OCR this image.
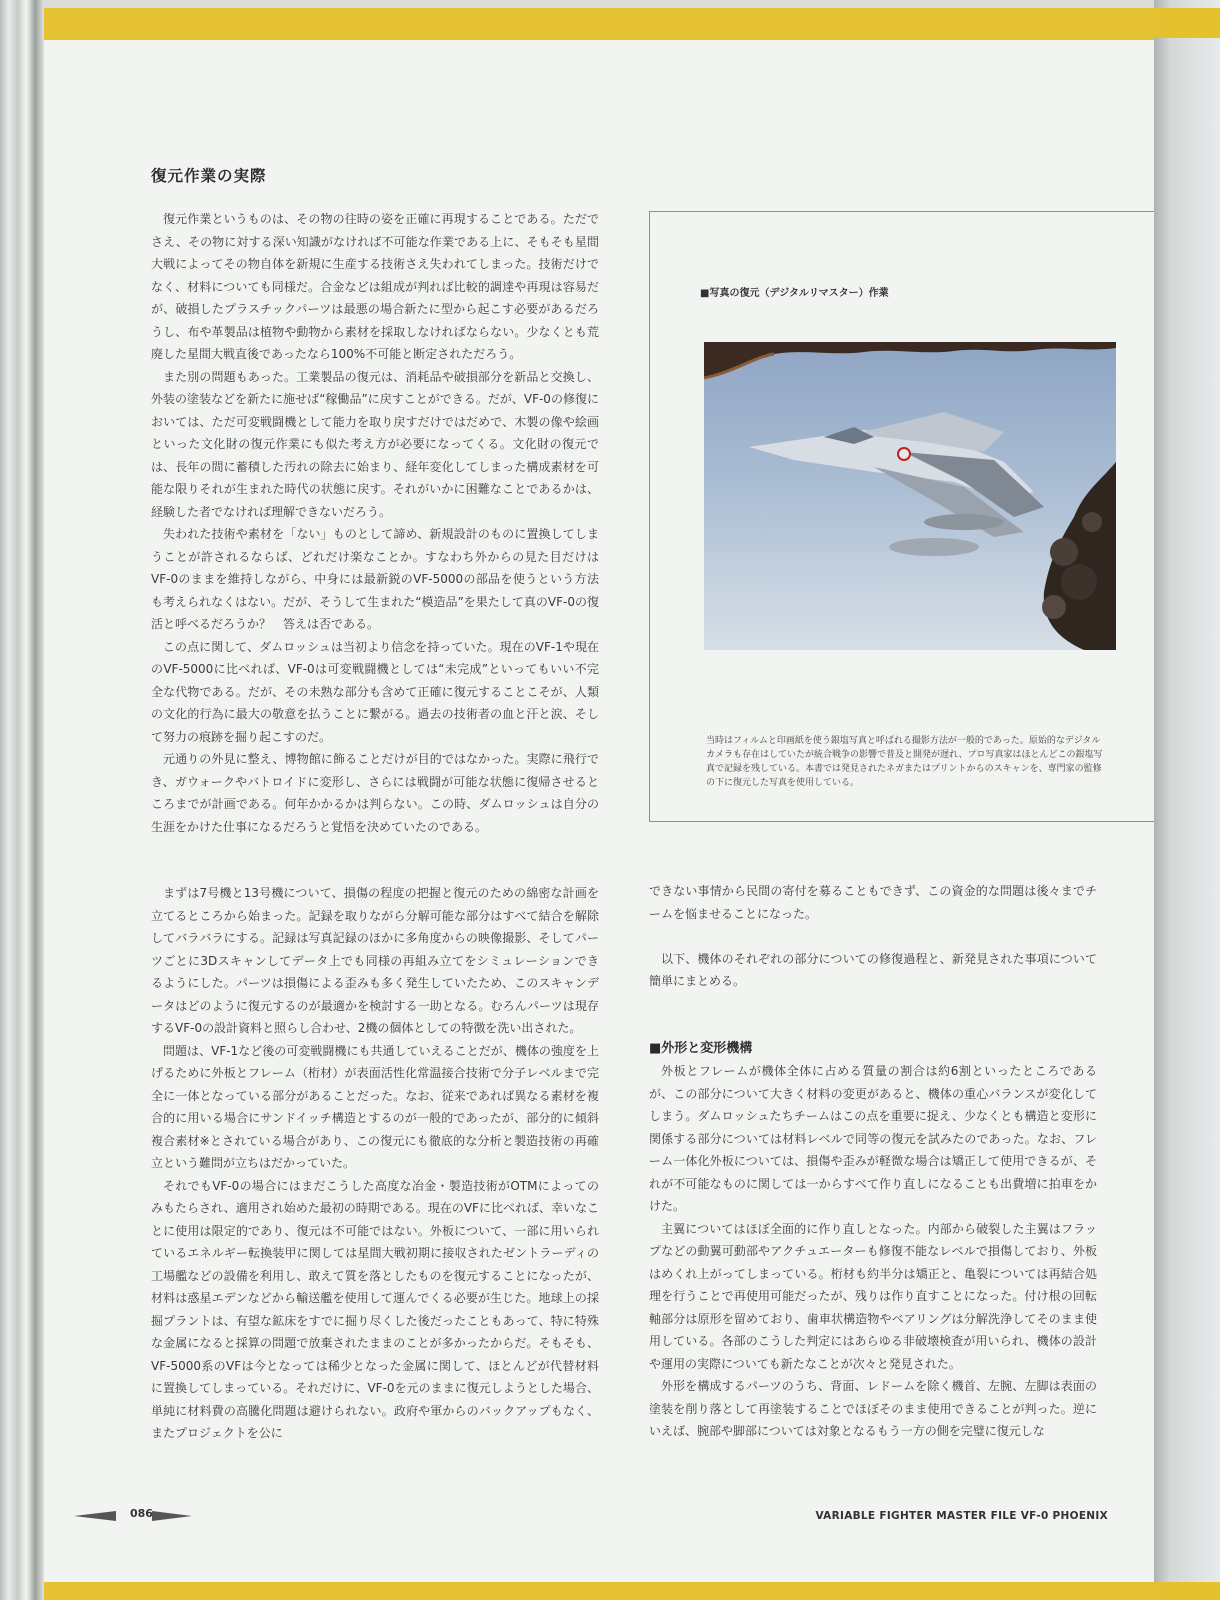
復元作業の実際

復元作業というものは、その物の往時の姿を正確に再現することである。ただでさえ、その物に対する深い知識がなければ不可能な作業である上に、そもそも星間大戦によってその物自体を新規に生産する技術さえ失われてしまった。技術だけでなく、材料についても同様だ。合金などは組成が判れば比較的調達や再現は容易だが、破損したプラスチックパーツは最悪の場合新たに型から起こす必要があるだろうし、布や革製品は植物や動物から素材を採取しなければならない。少なくとも荒廃した星間大戦直後であったなら100%不可能と断定されただろう。

また別の問題もあった。工業製品の復元は、消耗品や破損部分を新品と交換し、外装の塗装などを新たに施せば“稼働品”に戻すことができる。だが、VF-0の修復においては、ただ可変戦闘機として能力を取り戻すだけではだめで、木製の像や絵画といった文化財の復元作業にも似た考え方が必要になってくる。文化財の復元では、長年の間に蓄積した汚れの除去に始まり、経年変化してしまった構成素材を可能な限りそれが生まれた時代の状態に戻す。それがいかに困難なことであるかは、経験した者でなければ理解できないだろう。

失われた技術や素材を「ない」ものとして諦め、新規設計のものに置換してしまうことが許されるならば、どれだけ楽なことか。すなわち外からの見た目だけはVF-0のままを維持しながら、中身には最新鋭のVF-5000の部品を使うという方法も考えられなくはない。だが、そうして生まれた“模造品”を果たして真のVF-0の復活と呼べるだろうか？　答えは否である。

この点に関して、ダムロッシュは当初より信念を持っていた。現在のVF-1や現在のVF-5000に比べれば、VF-0は可変戦闘機としては“未完成”といってもいい不完全な代物である。だが、その未熟な部分も含めて正確に復元することこそが、人類の文化的行為に最大の敬意を払うことに繋がる。過去の技術者の血と汗と涙、そして努力の痕跡を掘り起こすのだ。

元通りの外見に整え、博物館に飾ることだけが目的ではなかった。実際に飛行でき、ガウォークやバトロイドに変形し、さらには戦闘が可能な状態に復帰させるところまでが計画である。何年かかるかは判らない。この時、ダムロッシュは自分の生涯をかけた仕事になるだろうと覚悟を決めていたのである。

まずは7号機と13号機について、損傷の程度の把握と復元のための綿密な計画を立てるところから始まった。記録を取りながら分解可能な部分はすべて結合を解除してバラバラにする。記録は写真記録のほかに多角度からの映像撮影、そしてパーツごとに3Dスキャンしてデータ上でも同様の再組み立てをシミュレーションできるようにした。パーツは損傷による歪みも多く発生していたため、このスキャンデータはどのように復元するのが最適かを検討する一助となる。むろんパーツは現存するVF-0の設計資料と照らし合わせ、2機の個体としての特徴を洗い出された。

問題は、VF-1など後の可変戦闘機にも共通していえることだが、機体の強度を上げるために外板とフレーム（桁材）が表面活性化常温接合技術で分子レベルまで完全に一体となっている部分があることだった。なお、従来であれば異なる素材を複合的に用いる場合にサンドイッチ構造とするのが一般的であったが、部分的に傾斜複合素材※とされている場合があり、この復元にも徹底的な分析と製造技術の再確立という難問が立ちはだかっていた。

それでもVF-0の場合にはまだこうした高度な冶金・製造技術がOTMによってのみもたらされ、適用され始めた最初の時期である。現在のVFに比べれば、幸いなことに使用は限定的であり、復元は不可能ではない。外板について、一部に用いられているエネルギー転換装甲に関しては星間大戦初期に接収されたゼントラーディの工場艦などの設備を利用し、敢えて質を落としたものを復元することになったが、材料は惑星エデンなどから輸送艦を使用して運んでくる必要が生じた。地球上の採掘プラントは、有望な鉱床をすでに掘り尽くした後だったこともあって、特に特殊な金属になると採算の問題で放棄されたままのことが多かったからだ。そもそも、VF-5000系のVFは今となっては稀少となった金属に関して、ほとんどが代替材料に置換してしまっている。それだけに、VF-0を元のままに復元しようとした場合、単純に材料費の高騰化問題は避けられない。政府や軍からのバックアップもなく、またプロジェクトを公に

■写真の復元（デジタルリマスター）作業
当時はフィルムと印画紙を使う銀塩写真と呼ばれる撮影方法が一般的であった。原始的なデジタルカメラも存在はしていたが統合戦争の影響で普及と開発が遅れ、プロ写真家はほとんどこの銀塩写真で記録を残している。本書では発見されたネガまたはプリントからのスキャンを、専門家の監修の下に復元した写真を使用している。

できない事情から民間の寄付を募ることもできず、この資金的な問題は後々までチームを悩ませることになった。

以下、機体のそれぞれの部分についての修復過程と、新発見された事項について簡単にまとめる。

■外形と変形機構

外板とフレームが機体全体に占める質量の割合は約6割といったところであるが、この部分について大きく材料の変更があると、機体の重心バランスが変化してしまう。ダムロッシュたちチームはこの点を重要に捉え、少なくとも構造と変形に関係する部分については材料レベルで同等の復元を試みたのであった。なお、フレーム一体化外板については、損傷や歪みが軽微な場合は矯正して使用できるが、それが不可能なものに関しては一からすべて作り直しになることも出費増に拍車をかけた。

主翼についてはほぼ全面的に作り直しとなった。内部から破裂した主翼はフラップなどの動翼可動部やアクチュエーターも修復不能なレベルで損傷しており、外板はめくれ上がってしまっている。桁材も約半分は矯正と、亀裂については再結合処理を行うことで再使用可能だったが、残りは作り直すことになった。付け根の回転軸部分は原形を留めており、歯車状構造物やベアリングは分解洗浄してそのまま使用している。各部のこうした判定にはあらゆる非破壊検査が用いられ、機体の設計や運用の実際についても新たなことが次々と発見された。

外形を構成するパーツのうち、背面、レドームを除く機首、左腕、左脚は表面の塗装を削り落として再塗装することでほぼそのまま使用できることが判った。逆にいえば、腕部や脚部については対象となるもう一方の側を完璧に復元しな

086	VARIABLE FIGHTER MASTER FILE VF-0 PHOENIX
